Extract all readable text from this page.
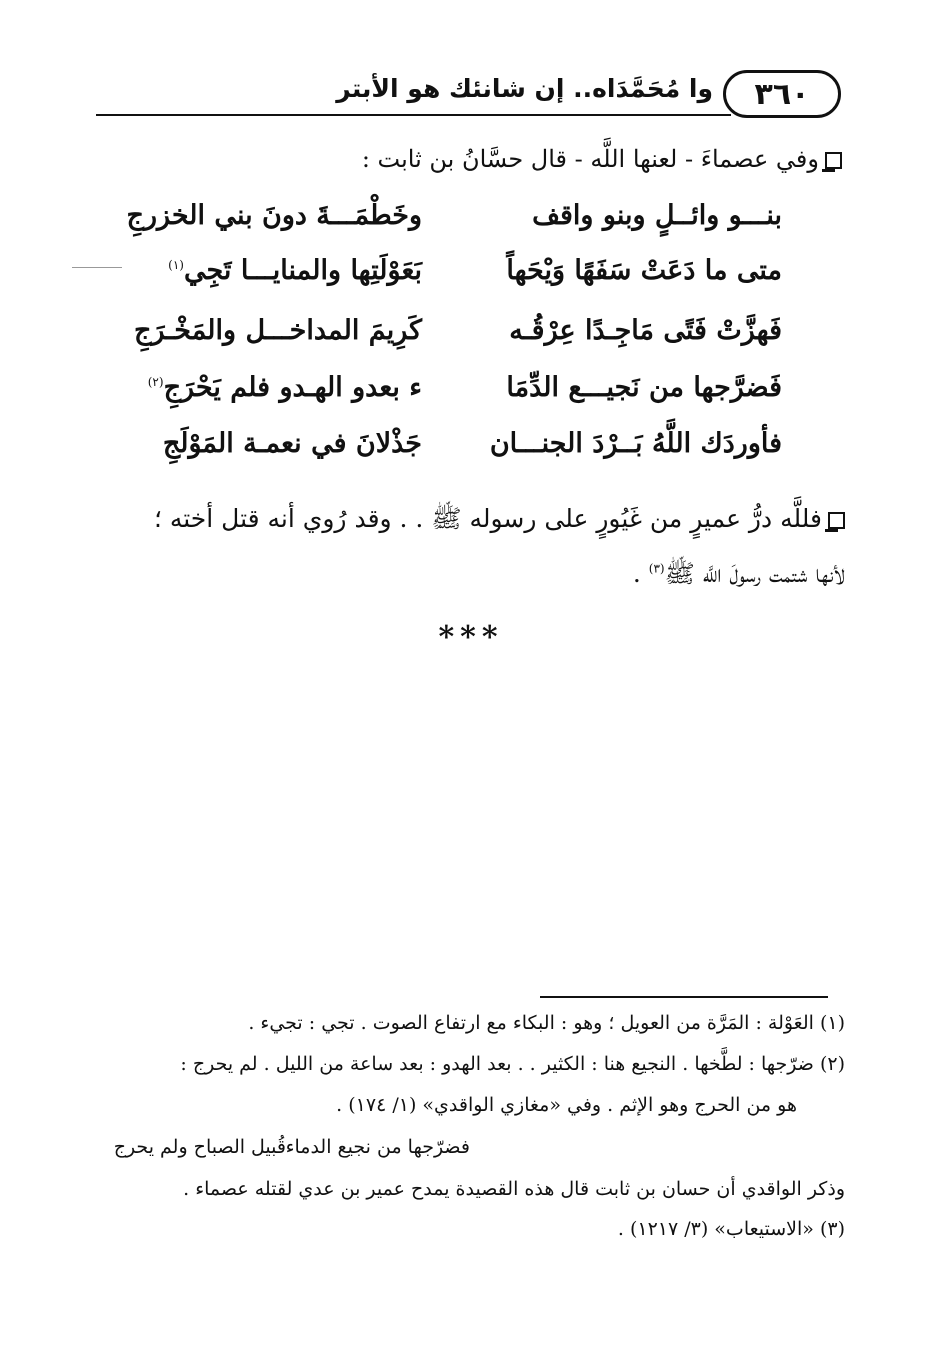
٣٦٠
وا مُحَمَّدَاه.. إن شانئك هو الأبتر
وفي عصماءَ - لعنها اللَّه - قال حسَّانُ بن ثابت :
بنـــو وائــلٍ وبنو واقف
وخَطْمَـــةَ دونَ بني الخزرجِ
متى ما دَعَتْ سَفَهًا وَيْحَهاً
بَعَوْلَتِها والمنايـــا تَجِي$^{(١)}$
فَهزَّتْ فَتًى مَاجِـدًا عِرْقُـه
كَرِيمَ المداخـــل والمَخْـرَجِ
فَضرَّجها من نَجيـــع الدِّمَا
ء بعدو الهـدو فلم يَحْرَجِ$^{(٢)}$
فأوردَك اللَّهُ بَــرْدَ الجنـــان
جَذْلانَ في نعمـة المَوْلَجِ
فللَّه درُّ عميرٍ من غَيُورٍ على رسوله ﷺ . . وقد رُوي أنه قتل أخته ؛
لأنها شتمت رسولَ اللَّه ﷺ$^{(٣)}$ .
***
(١) العَوْلة : المَرَّة من العويل ؛ وهو : البكاء مع ارتفاع الصوت . تجي : تجيء .
(٢) ضرّجها : لطَّخها . النجيع هنا : الكثير . . بعد الهدو : بعد ساعة من الليل . لم يحرج :
هو من الحرج وهو الإثم . وفي «مغازي الواقدي» (١/ ١٧٤) .
فضرّجها من نجيع الدماء
قُبيل الصباح ولم يحرج
وذكر الواقدي أن حسان بن ثابت قال هذه القصيدة يمدح عمير بن عدي لقتله عصماء .
(٣) «الاستيعاب» (٣/ ١٢١٧) .
